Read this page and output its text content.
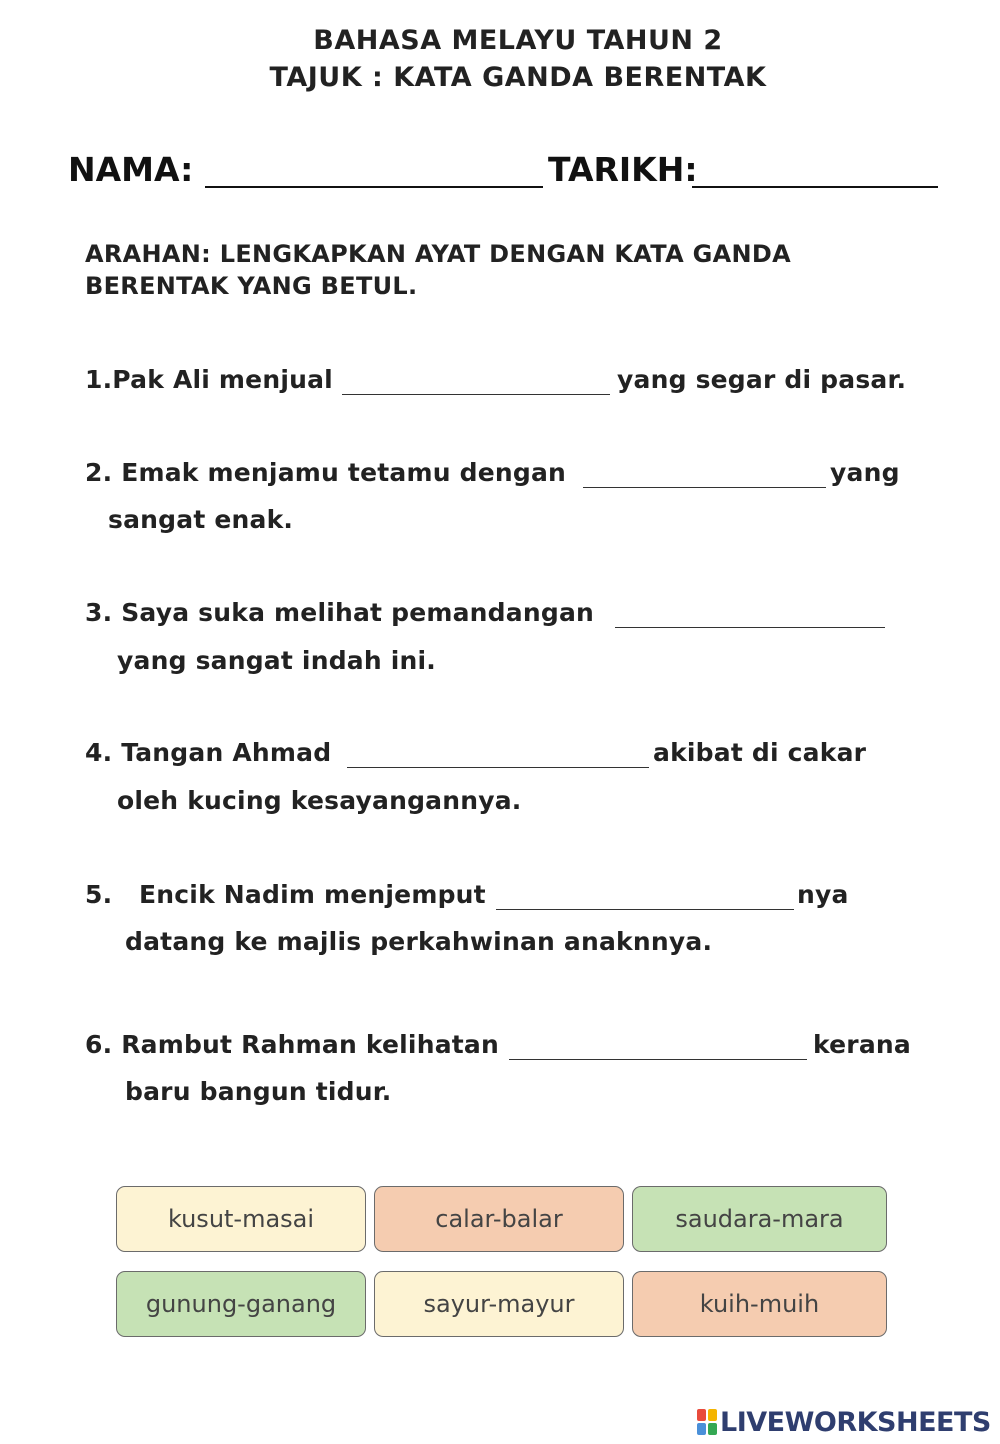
BAHASA MELAYU TAHUN 2
TAJUK : KATA GANDA BERENTAK
NAMA:	TARIKH:
ARAHAN: LENGKAPKAN AYAT DENGAN KATA GANDA BERENTAK YANG BETUL.
1.Pak Ali menjual	yang segar di pasar.
2. Emak menjamu tetamu dengan	yang
sangat enak.
3. Saya suka melihat pemandangan
yang sangat indah ini.
4. Tangan Ahmad	akibat di cakar
oleh kucing kesayangannya.
5.   Encik Nadim menjemput	nya
datang ke majlis perkahwinan anaknnya.
6. Rambut Rahman kelihatan	kerana
baru bangun tidur.
kusut-masai	calar-balar	saudara-mara
gunung-ganang	sayur-mayur	kuih-muih
LIVEWORKSHEETS
